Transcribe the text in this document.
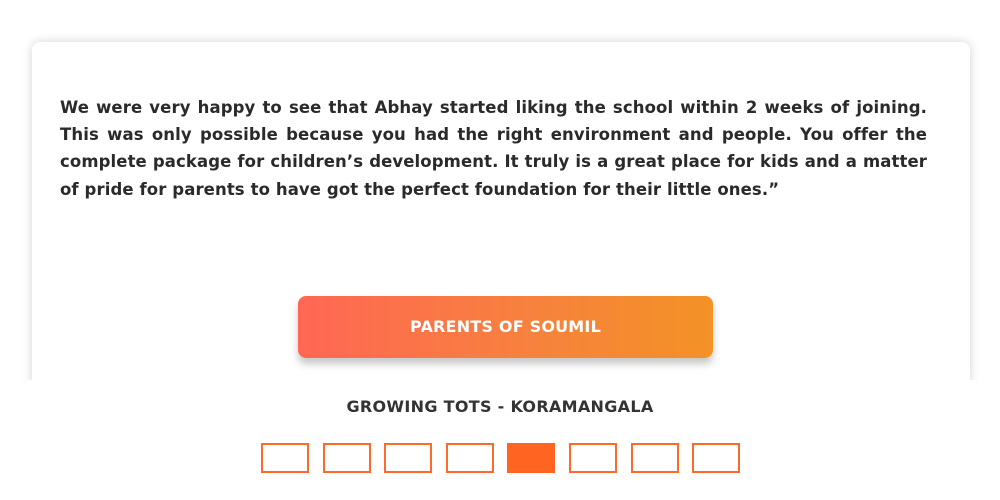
We were very happy to see that Abhay started liking the school within 2 weeks of joining. This was only possible because you had the right environment and people. You offer the complete package for children’s development. It truly is a great place for kids and a matter of pride for parents to have got the perfect foundation for their little ones.”

PARENTS OF SOUMIL

GROWING TOTS - KORAMANGALA
